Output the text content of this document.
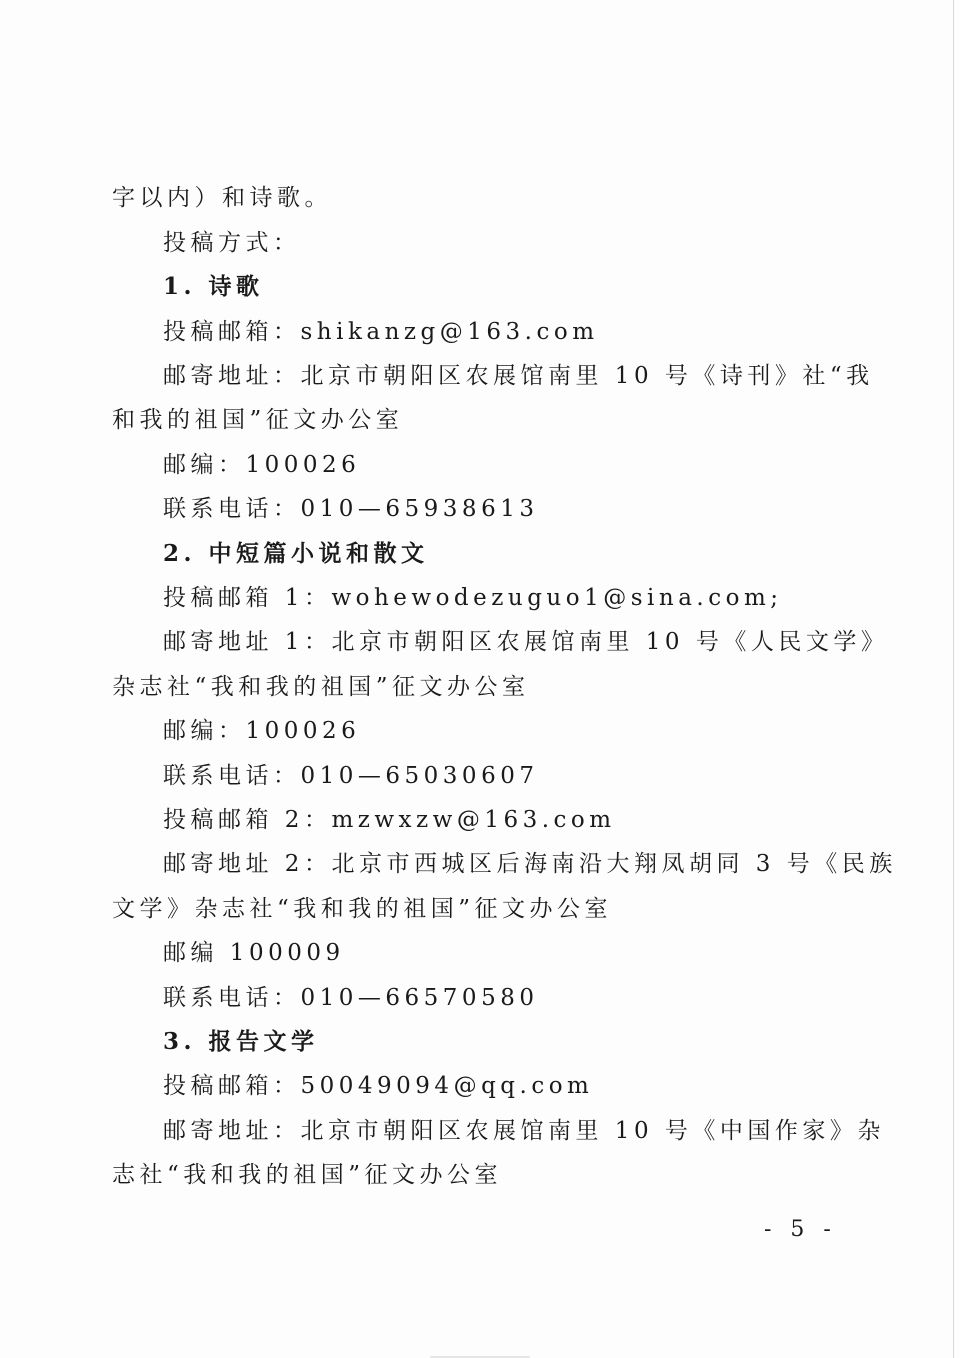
字以内）和诗歌。
投稿方式：
1. 诗歌
投稿邮箱：shikanzg@163.com
邮寄地址：北京市朝阳区农展馆南里 10 号《诗刊》社“我
和我的祖国”征文办公室
邮编：100026
联系电话：010—65938613
2. 中短篇小说和散文
投稿邮箱 1：wohewodezuguo1@sina.com;
邮寄地址 1：北京市朝阳区农展馆南里 10 号《人民文学》
杂志社“我和我的祖国”征文办公室
邮编：100026
联系电话：010—65030607
投稿邮箱 2：mzwxzw@163.com
邮寄地址 2：北京市西城区后海南沿大翔凤胡同 3 号《民族
文学》杂志社“我和我的祖国”征文办公室
邮编 100009
联系电话：010—66570580
3. 报告文学
投稿邮箱：50049094@qq.com
邮寄地址：北京市朝阳区农展馆南里 10 号《中国作家》杂
志社“我和我的祖国”征文办公室
- 5 -
